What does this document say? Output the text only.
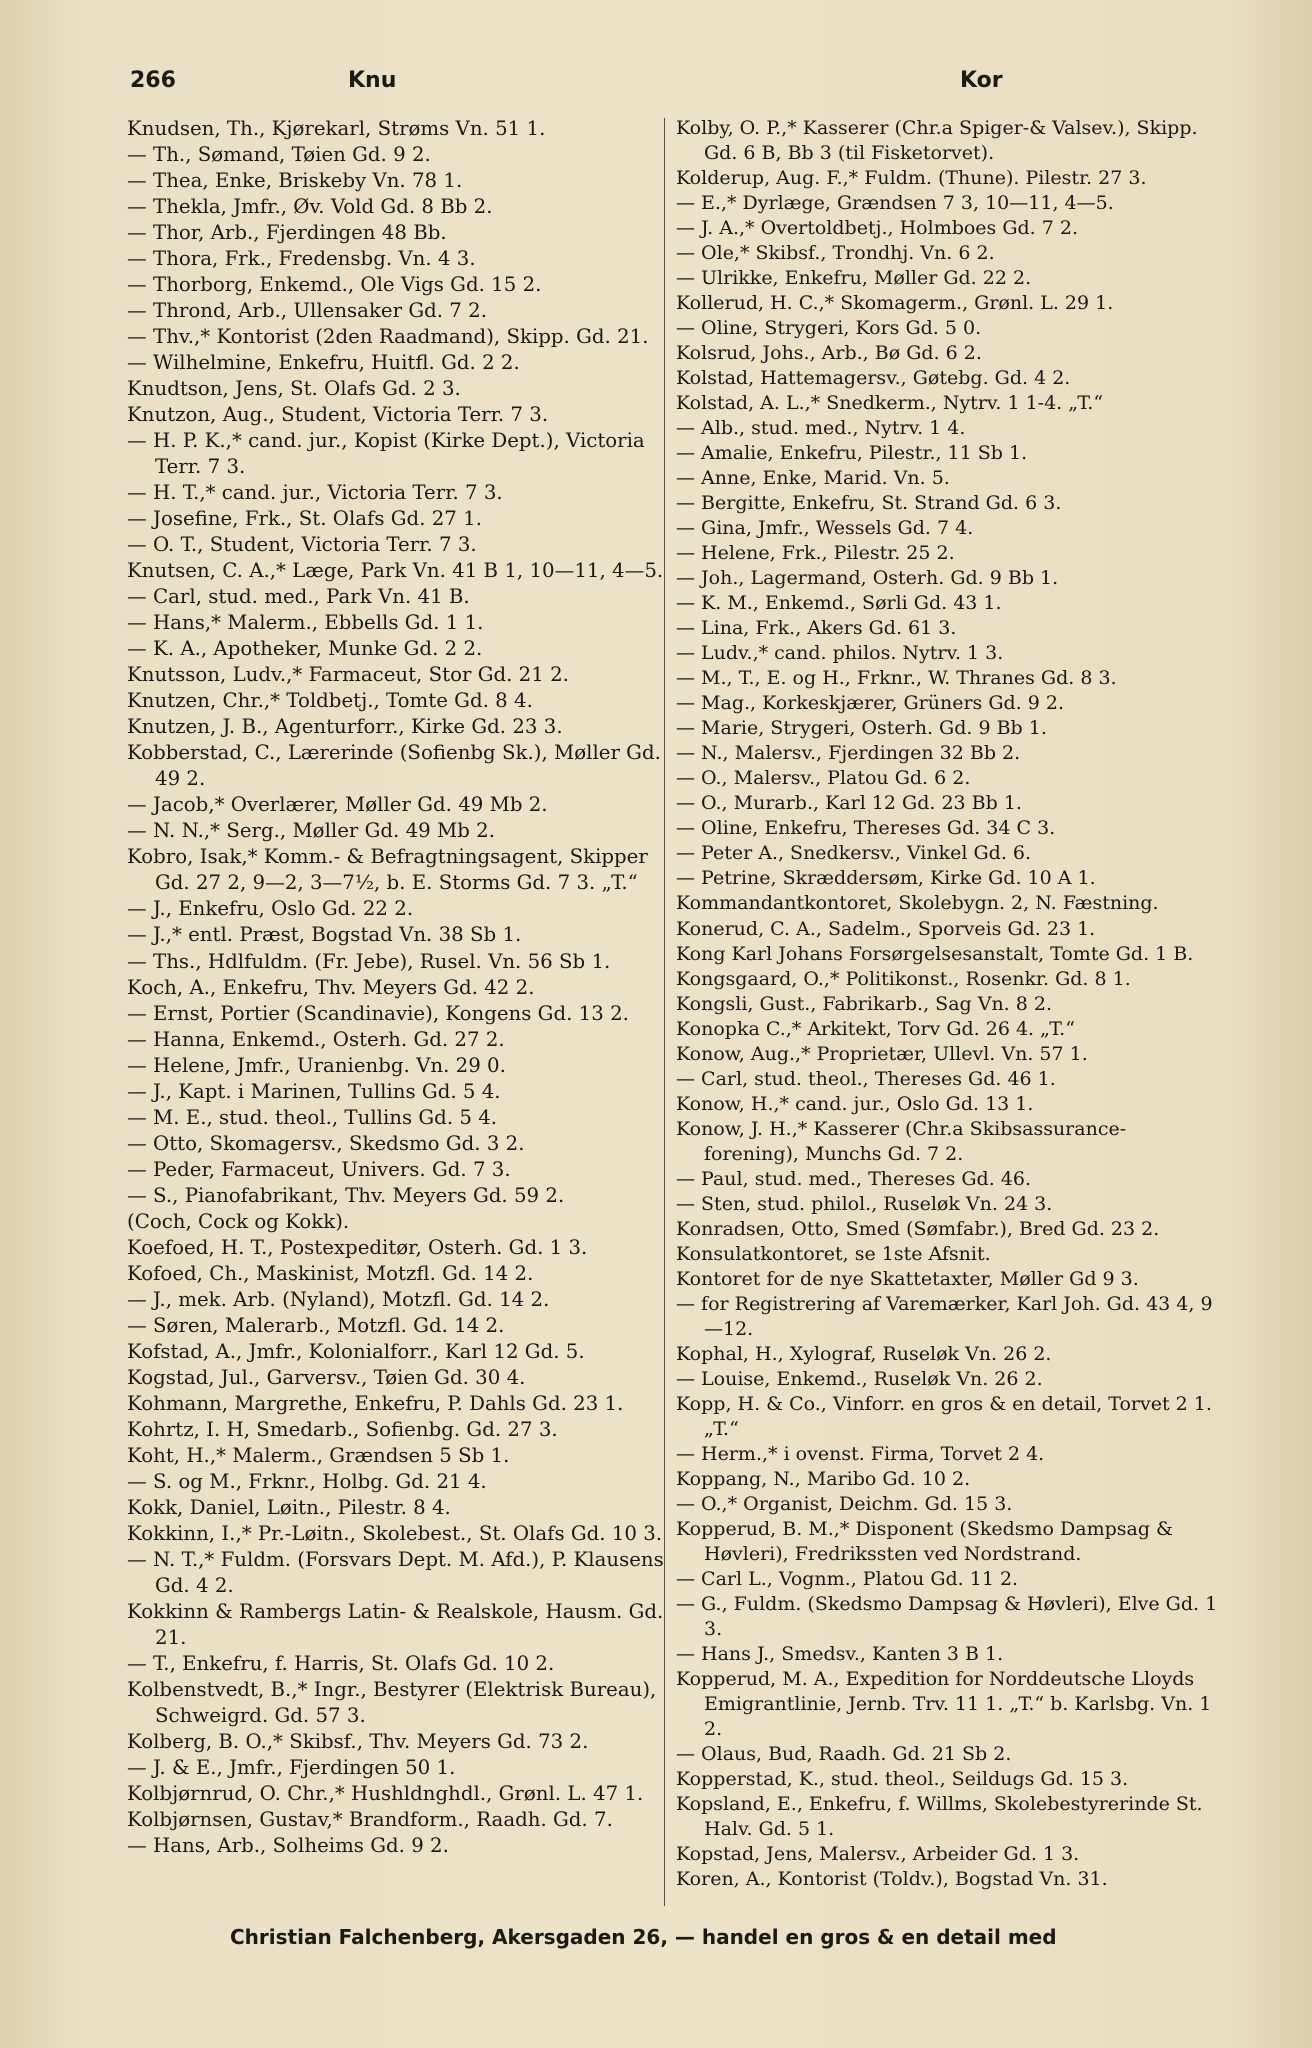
266	Knu	Kor
Knudsen, Th., Kjørekarl, Strøms Vn. 51 1.
— Th., Sømand, Tøien Gd. 9 2.
— Thea, Enke, Briskeby Vn. 78 1.
— Thekla, Jmfr., Øv. Vold Gd. 8 Bb 2.
— Thor, Arb., Fjerdingen 48 Bb.
— Thora, Frk., Fredensbg. Vn. 4 3.
— Thorborg, Enkemd., Ole Vigs Gd. 15 2.
— Thrond, Arb., Ullensaker Gd. 7 2.
— Thv.,* Kontorist (2den Raadmand), Skipp. Gd. 21.
— Wilhelmine, Enkefru, Huitfl. Gd. 2 2.
Knudtson, Jens, St. Olafs Gd. 2 3.
Knutzon, Aug., Student, Victoria Terr. 7 3.
— H. P. K.,* cand. jur., Kopist (Kirke Dept.), Victoria Terr. 7 3.
— H. T.,* cand. jur., Victoria Terr. 7 3.
— Josefine, Frk., St. Olafs Gd. 27 1.
— O. T., Student, Victoria Terr. 7 3.
Knutsen, C. A.,* Læge, Park Vn. 41 B 1, 10—11, 4—5.
— Carl, stud. med., Park Vn. 41 B.
— Hans,* Malerm., Ebbells Gd. 1 1.
— K. A., Apotheker, Munke Gd. 2 2.
Knutsson, Ludv.,* Farmaceut, Stor Gd. 21 2.
Knutzen, Chr.,* Toldbetj., Tomte Gd. 8 4.
Knutzen, J. B., Agenturforr., Kirke Gd. 23 3.
Kobberstad, C., Lærerinde (Sofienbg Sk.), Møller Gd. 49 2.
— Jacob,* Overlærer, Møller Gd. 49 Mb 2.
— N. N.,* Serg., Møller Gd. 49 Mb 2.
Kobro, Isak,* Komm.- & Befragtningsagent, Skipper Gd. 27 2, 9—2, 3—7½, b. E. Storms Gd. 7 3. „T.“
— J., Enkefru, Oslo Gd. 22 2.
— J.,* entl. Præst, Bogstad Vn. 38 Sb 1.
— Ths., Hdlfuldm. (Fr. Jebe), Rusel. Vn. 56 Sb 1.
Koch, A., Enkefru, Thv. Meyers Gd. 42 2.
— Ernst, Portier (Scandinavie), Kongens Gd. 13 2.
— Hanna, Enkemd., Osterh. Gd. 27 2.
— Helene, Jmfr., Uranienbg. Vn. 29 0.
— J., Kapt. i Marinen, Tullins Gd. 5 4.
— M. E., stud. theol., Tullins Gd. 5 4.
— Otto, Skomagersv., Skedsmo Gd. 3 2.
— Peder, Farmaceut, Univers. Gd. 7 3.
— S., Pianofabrikant, Thv. Meyers Gd. 59 2.
(Coch, Cock og Kokk).
Koefoed, H. T., Postexpeditør, Osterh. Gd. 1 3.
Kofoed, Ch., Maskinist, Motzfl. Gd. 14 2.
— J., mek. Arb. (Nyland), Motzfl. Gd. 14 2.
— Søren, Malerarb., Motzfl. Gd. 14 2.
Kofstad, A., Jmfr., Kolonialforr., Karl 12 Gd. 5.
Kogstad, Jul., Garversv., Tøien Gd. 30 4.
Kohmann, Margrethe, Enkefru, P. Dahls Gd. 23 1.
Kohrtz, I. H, Smedarb., Sofienbg. Gd. 27 3.
Koht, H.,* Malerm., Grændsen 5 Sb 1.
— S. og M., Frknr., Holbg. Gd. 21 4.
Kokk, Daniel, Løitn., Pilestr. 8 4.
Kokkinn, I.,* Pr.-Løitn., Skolebest., St. Olafs Gd. 10 3.
— N. T.,* Fuldm. (Forsvars Dept. M. Afd.), P. Klausens Gd. 4 2.
Kokkinn & Rambergs Latin- & Realskole, Hausm. Gd. 21.
— T., Enkefru, f. Harris, St. Olafs Gd. 10 2.
Kolbenstvedt, B.,* Ingr., Bestyrer (Elektrisk Bureau), Schweigrd. Gd. 57 3.
Kolberg, B. O.,* Skibsf., Thv. Meyers Gd. 73 2.
— J. & E., Jmfr., Fjerdingen 50 1.
Kolbjørnrud, O. Chr.,* Hushldnghdl., Grønl. L. 47 1.
Kolbjørnsen, Gustav,* Brandform., Raadh. Gd. 7.
— Hans, Arb., Solheims Gd. 9 2.
Kolby, O. P.,* Kasserer (Chr.a Spiger-& Valsev.), Skipp. Gd. 6 B, Bb 3 (til Fisketorvet).
Kolderup, Aug. F.,* Fuldm. (Thune). Pilestr. 27 3.
— E.,* Dyrlæge, Grændsen 7 3, 10—11, 4—5.
— J. A.,* Overtoldbetj., Holmboes Gd. 7 2.
— Ole,* Skibsf., Trondhj. Vn. 6 2.
— Ulrikke, Enkefru, Møller Gd. 22 2.
Kollerud, H. C.,* Skomagerm., Grønl. L. 29 1.
— Oline, Strygeri, Kors Gd. 5 0.
Kolsrud, Johs., Arb., Bø Gd. 6 2.
Kolstad, Hattemagersv., Gøtebg. Gd. 4 2.
Kolstad, A. L.,* Snedkerm., Nytrv. 1 1-4. „T.“
— Alb., stud. med., Nytrv. 1 4.
— Amalie, Enkefru, Pilestr., 11 Sb 1.
— Anne, Enke, Marid. Vn. 5.
— Bergitte, Enkefru, St. Strand Gd. 6 3.
— Gina, Jmfr., Wessels Gd. 7 4.
— Helene, Frk., Pilestr. 25 2.
— Joh., Lagermand, Osterh. Gd. 9 Bb 1.
— K. M., Enkemd., Sørli Gd. 43 1.
— Lina, Frk., Akers Gd. 61 3.
— Ludv.,* cand. philos. Nytrv. 1 3.
— M., T., E. og H., Frknr., W. Thranes Gd. 8 3.
— Mag., Korkeskjærer, Grüners Gd. 9 2.
— Marie, Strygeri, Osterh. Gd. 9 Bb 1.
— N., Malersv., Fjerdingen 32 Bb 2.
— O., Malersv., Platou Gd. 6 2.
— O., Murarb., Karl 12 Gd. 23 Bb 1.
— Oline, Enkefru, Thereses Gd. 34 C 3.
— Peter A., Snedkersv., Vinkel Gd. 6.
— Petrine, Skræddersøm, Kirke Gd. 10 A 1.
Kommandantkontoret, Skolebygn. 2, N. Fæstning.
Konerud, C. A., Sadelm., Sporveis Gd. 23 1.
Kong Karl Johans Forsørgelsesanstalt, Tomte Gd. 1 B.
Kongsgaard, O.,* Politikonst., Rosenkr. Gd. 8 1.
Kongsli, Gust., Fabrikarb., Sag Vn. 8 2.
Konopka C.,* Arkitekt, Torv Gd. 26 4. „T.“
Konow, Aug.,* Proprietær, Ullevl. Vn. 57 1.
— Carl, stud. theol., Thereses Gd. 46 1.
Konow, H.,* cand. jur., Oslo Gd. 13 1.
Konow, J. H.,* Kasserer (Chr.a Skibsassurance-forening), Munchs Gd. 7 2.
— Paul, stud. med., Thereses Gd. 46.
— Sten, stud. philol., Ruseløk Vn. 24 3.
Konradsen, Otto, Smed (Sømfabr.), Bred Gd. 23 2.
Konsulatkontoret, se 1ste Afsnit.
Kontoret for de nye Skattetaxter, Møller Gd 9 3.
— for Registrering af Varemærker, Karl Joh. Gd. 43 4, 9—12.
Kophal, H., Xylograf, Ruseløk Vn. 26 2.
— Louise, Enkemd., Ruseløk Vn. 26 2.
Kopp, H. & Co., Vinforr. en gros & en detail, Torvet 2 1. „T.“
— Herm.,* i ovenst. Firma, Torvet 2 4.
Koppang, N., Maribo Gd. 10 2.
— O.,* Organist, Deichm. Gd. 15 3.
Kopperud, B. M.,* Disponent (Skedsmo Dampsag & Høvleri), Fredrikssten ved Nordstrand.
— Carl L., Vognm., Platou Gd. 11 2.
— G., Fuldm. (Skedsmo Dampsag & Høvleri), Elve Gd. 1 3.
— Hans J., Smedsv., Kanten 3 B 1.
Kopperud, M. A., Expedition for Norddeutsche Lloyds Emigrantlinie, Jernb. Trv. 11 1. „T.“ b. Karlsbg. Vn. 1 2.
— Olaus, Bud, Raadh. Gd. 21 Sb 2.
Kopperstad, K., stud. theol., Seildugs Gd. 15 3.
Kopsland, E., Enkefru, f. Willms, Skolebestyrerinde St. Halv. Gd. 5 1.
Kopstad, Jens, Malersv., Arbeider Gd. 1 3.
Koren, A., Kontorist (Toldv.), Bogstad Vn. 31.
Christian Falchenberg, Akersgaden 26, — handel en gros & en detail med
